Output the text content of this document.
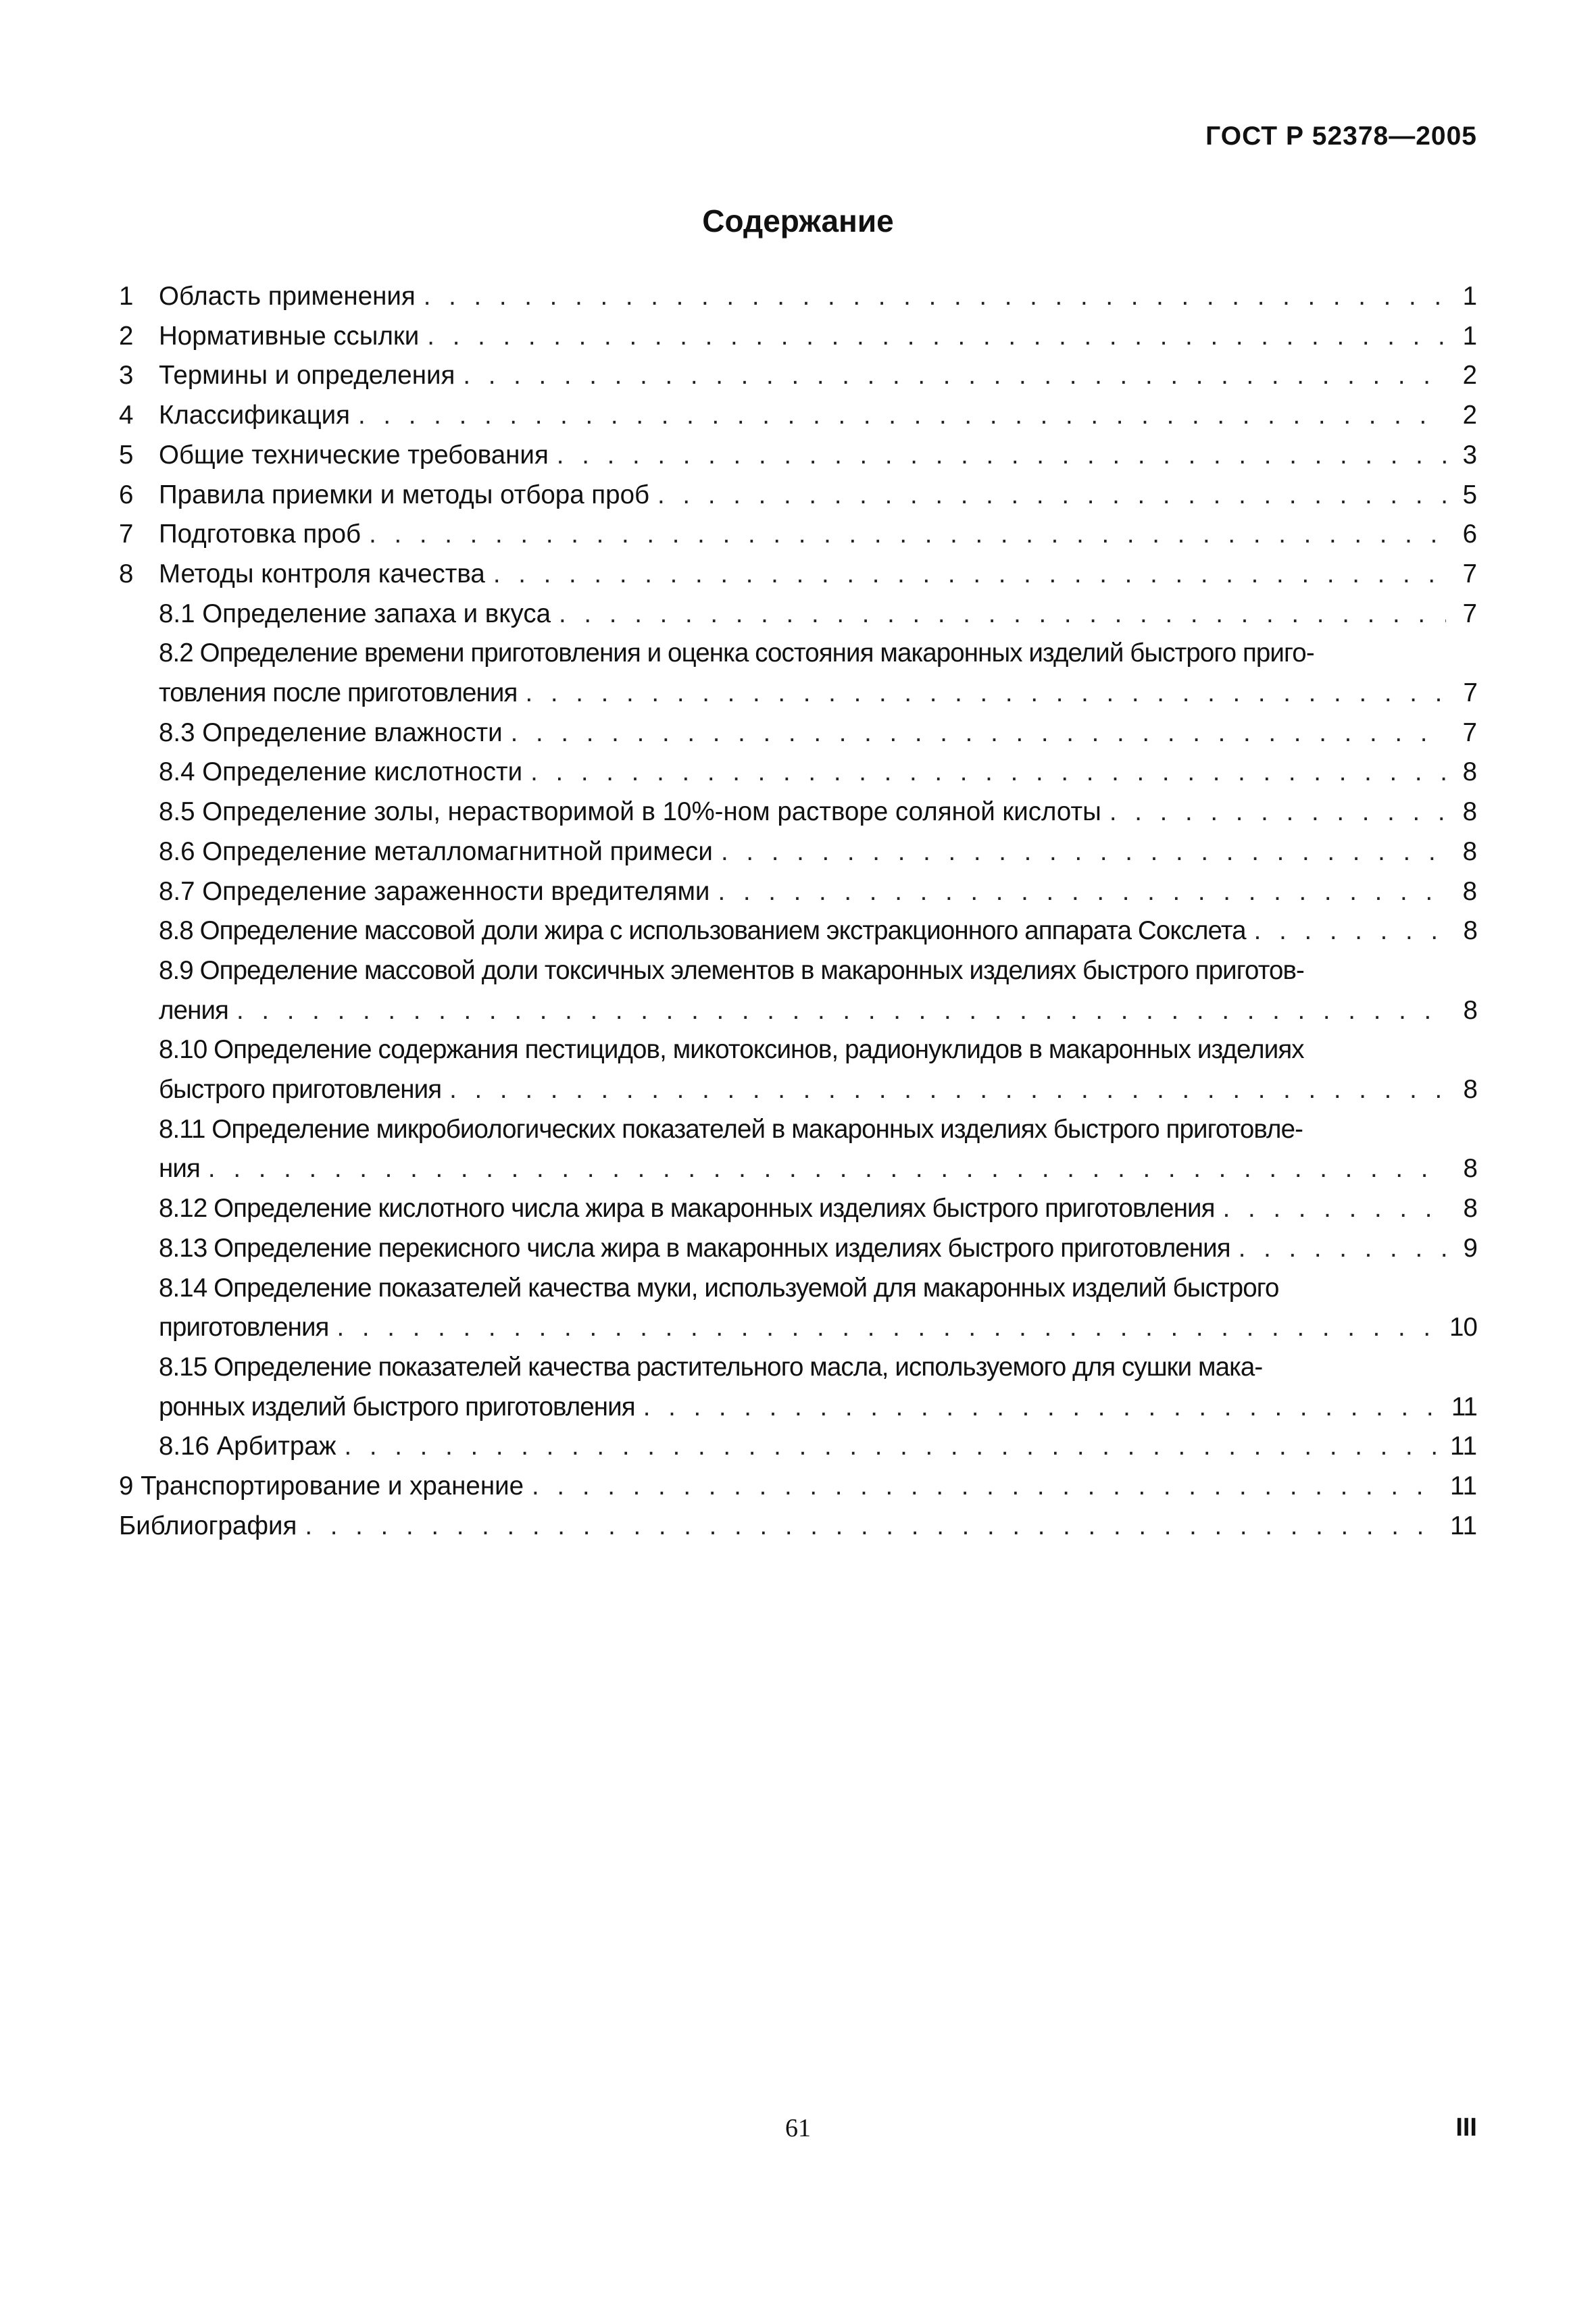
ГОСТ Р 52378—2005
Содержание
1 Область применения . . .	1
2 Нормативные ссылки . . .	1
3 Термины и определения . . .	2
4 Классификация . . .	2
5 Общие технические требования . . .	3
6 Правила приемки и методы отбора проб . . .	5
7 Подготовка проб . . .	6
8 Методы контроля качества . . .	7
8.1 Определение запаха и вкуса . . .	7
8.2 Определение времени приготовления и оценка состояния макаронных изделий быстрого приго-
товления после приготовления . . .	7
8.3 Определение влажности . . .	7
8.4 Определение кислотности . . .	8
8.5 Определение золы, нерастворимой в 10%-ном растворе соляной кислоты . . .	8
8.6 Определение металломагнитной примеси . . .	8
8.7 Определение зараженности вредителями . . .	8
8.8 Определение массовой доли жира с использованием экстракционного аппарата Сокслета . . .	8
8.9 Определение массовой доли токсичных элементов в макаронных изделиях быстрого приготов-
ления . . .	8
8.10 Определение содержания пестицидов, микотоксинов, радионуклидов в макаронных изделиях
быстрого приготовления . . .	8
8.11 Определение микробиологических показателей в макаронных изделиях быстрого приготовле-
ния . . .	8
8.12 Определение кислотного числа жира в макаронных изделиях быстрого приготовления . . .	8
8.13 Определение перекисного числа жира в макаронных изделиях быстрого приготовления . . .	9
8.14 Определение показателей качества муки, используемой для макаронных изделий быстрого
приготовления . . .	10
8.15 Определение показателей качества растительного масла, используемого для сушки мака-
ронных изделий быстрого приготовления . . .	11
8.16 Арбитраж . . .	11
9 Транспортирование и хранение . . .	11
Библиография . . .	11
61	III
